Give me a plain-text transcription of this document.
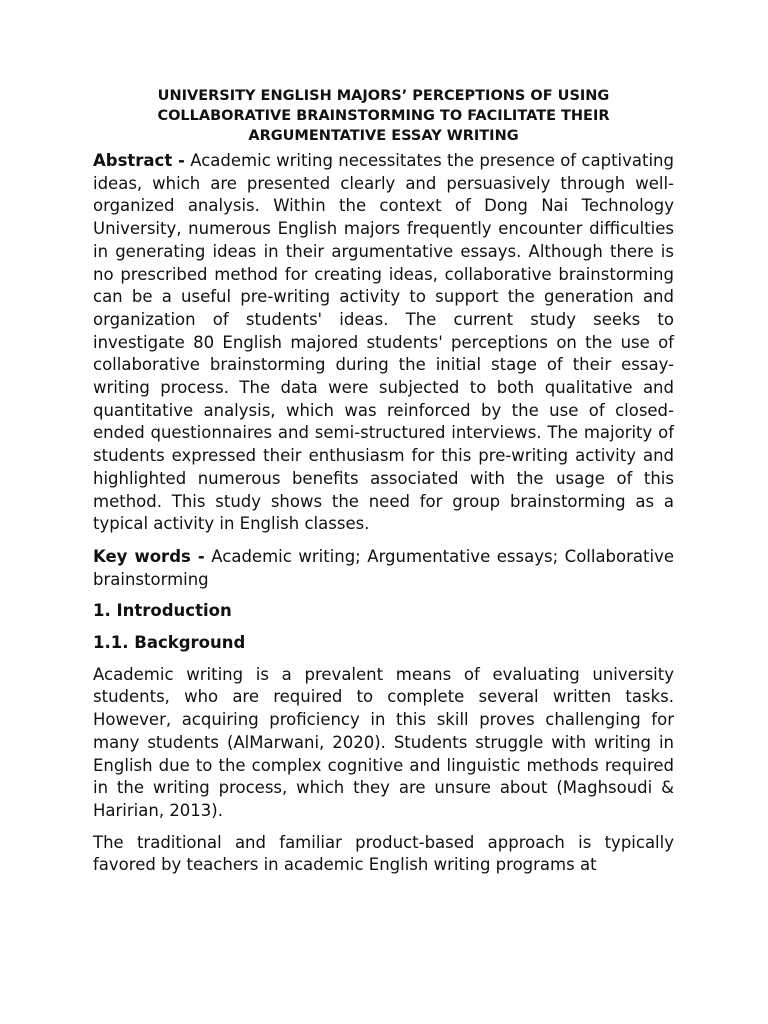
UNIVERSITY ENGLISH MAJORS’ PERCEPTIONS OF USING
COLLABORATIVE BRAINSTORMING TO FACILITATE THEIR
ARGUMENTATIVE ESSAY WRITING

Abstract - Academic writing necessitates the presence of captivating ideas, which are presented clearly and persuasively through well-organized analysis. Within the context of Dong Nai Technology University, numerous English majors frequently encounter difficulties in generating ideas in their argumentative essays. Although there is no prescribed method for creating ideas, collaborative brainstorming can be a useful pre-writing activity to support the generation and organization of students' ideas. The current study seeks to investigate 80 English majored students' perceptions on the use of collaborative brainstorming during the initial stage of their essay-writing process. The data were subjected to both qualitative and quantitative analysis, which was reinforced by the use of closed-ended questionnaires and semi-structured interviews. The majority of students expressed their enthusiasm for this pre-writing activity and highlighted numerous benefits associated with the usage of this method. This study shows the need for group brainstorming as a typical activity in English classes.

Key words - Academic writing; Argumentative essays; Collaborative brainstorming

1. Introduction
1.1. Background

Academic writing is a prevalent means of evaluating university students, who are required to complete several written tasks. However, acquiring proficiency in this skill proves challenging for many students (AlMarwani, 2020). Students struggle with writing in English due to the complex cognitive and linguistic methods required in the writing process, which they are unsure about (Maghsoudi & Haririan, 2013).

The traditional and familiar product-based approach is typically favored by teachers in academic English writing programs at
